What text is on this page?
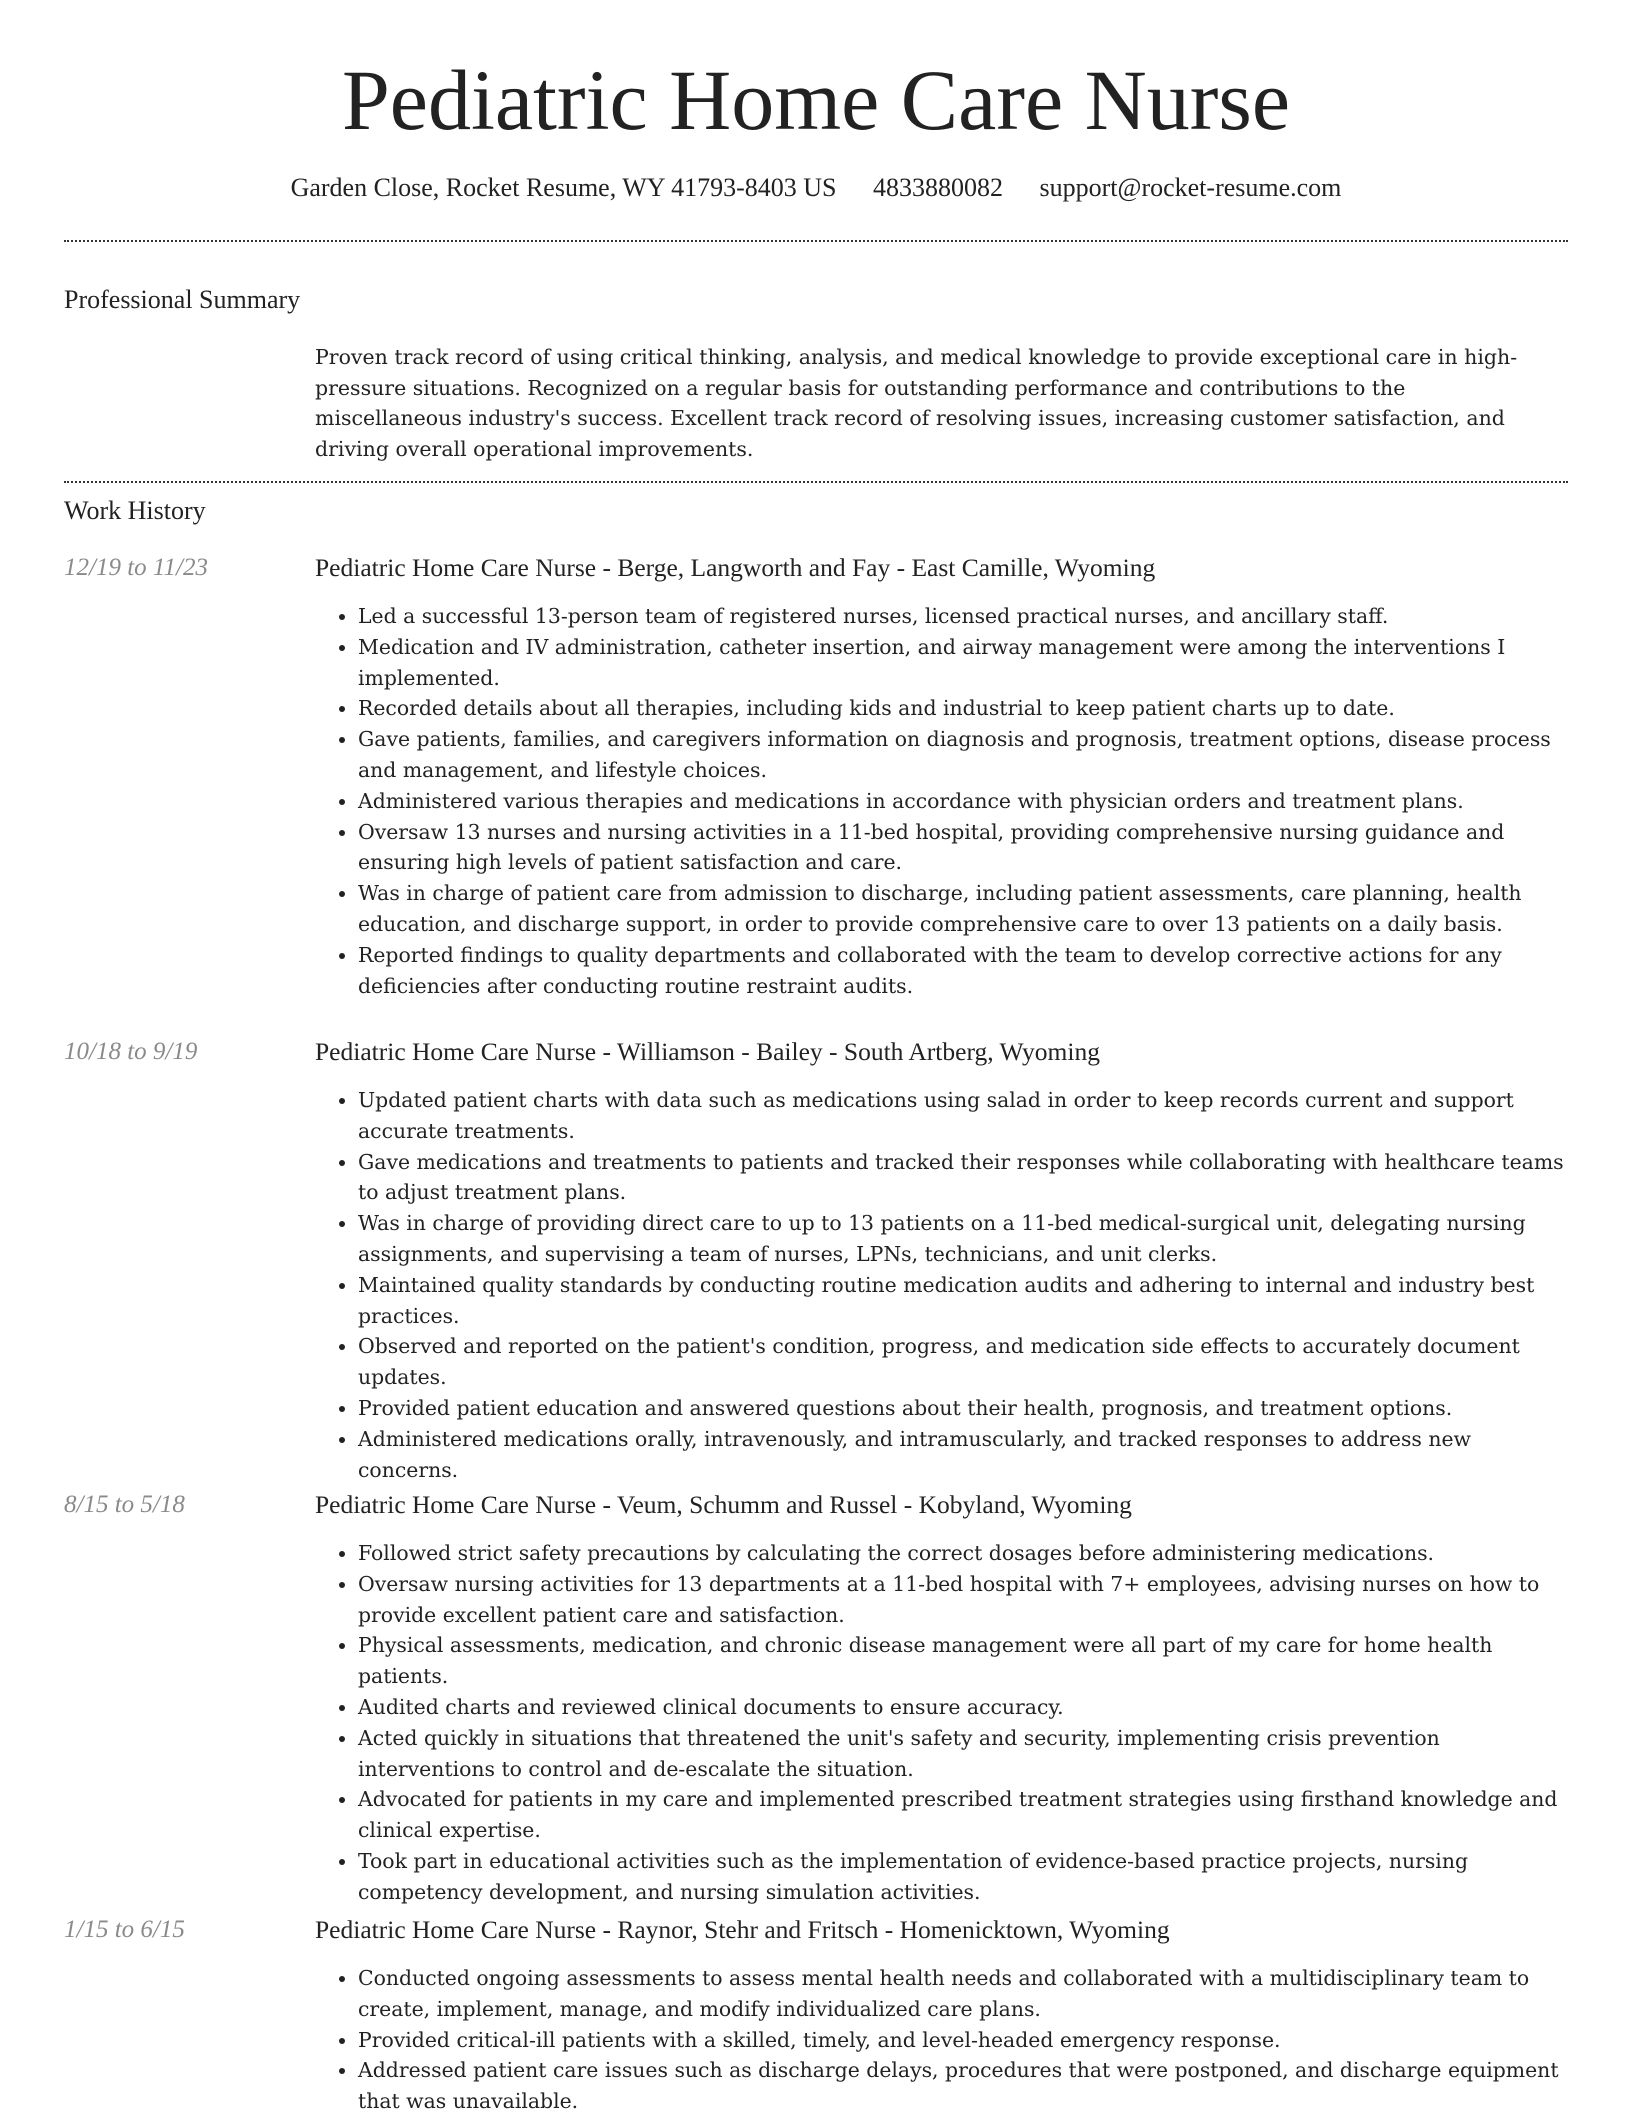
Pediatric Home Care Nurse
Garden Close, Rocket Resume, WY 41793-8403 US 4833880082 support@rocket-resume.com
Professional Summary

Proven track record of using critical thinking, analysis, and medical knowledge to provide exceptional care in high-pressure situations. Recognized on a regular basis for outstanding performance and contributions to the miscellaneous industry's success. Excellent track record of resolving issues, increasing customer satisfaction, and driving overall operational improvements.

Work History
12/19 to 11/23	Pediatric Home Care Nurse - Berge, Langworth and Fay - East Camille, Wyoming
• Led a successful 13-person team of registered nurses, licensed practical nurses, and ancillary staff.
• Medication and IV administration, catheter insertion, and airway management were among the interventions I implemented.
• Recorded details about all therapies, including kids and industrial to keep patient charts up to date.
• Gave patients, families, and caregivers information on diagnosis and prognosis, treatment options, disease process and management, and lifestyle choices.
• Administered various therapies and medications in accordance with physician orders and treatment plans.
• Oversaw 13 nurses and nursing activities in a 11-bed hospital, providing comprehensive nursing guidance and ensuring high levels of patient satisfaction and care.
• Was in charge of patient care from admission to discharge, including patient assessments, care planning, health education, and discharge support, in order to provide comprehensive care to over 13 patients on a daily basis.
• Reported findings to quality departments and collaborated with the team to develop corrective actions for any deficiencies after conducting routine restraint audits.
10/18 to 9/19	Pediatric Home Care Nurse - Williamson - Bailey - South Artberg, Wyoming
• Updated patient charts with data such as medications using salad in order to keep records current and support accurate treatments.
• Gave medications and treatments to patients and tracked their responses while collaborating with healthcare teams to adjust treatment plans.
• Was in charge of providing direct care to up to 13 patients on a 11-bed medical-surgical unit, delegating nursing assignments, and supervising a team of nurses, LPNs, technicians, and unit clerks.
• Maintained quality standards by conducting routine medication audits and adhering to internal and industry best practices.
• Observed and reported on the patient's condition, progress, and medication side effects to accurately document updates.
• Provided patient education and answered questions about their health, prognosis, and treatment options.
• Administered medications orally, intravenously, and intramuscularly, and tracked responses to address new concerns.
8/15 to 5/18	Pediatric Home Care Nurse - Veum, Schumm and Russel - Kobyland, Wyoming
• Followed strict safety precautions by calculating the correct dosages before administering medications.
• Oversaw nursing activities for 13 departments at a 11-bed hospital with 7+ employees, advising nurses on how to provide excellent patient care and satisfaction.
• Physical assessments, medication, and chronic disease management were all part of my care for home health patients.
• Audited charts and reviewed clinical documents to ensure accuracy.
• Acted quickly in situations that threatened the unit's safety and security, implementing crisis prevention interventions to control and de-escalate the situation.
• Advocated for patients in my care and implemented prescribed treatment strategies using firsthand knowledge and clinical expertise.
• Took part in educational activities such as the implementation of evidence-based practice projects, nursing competency development, and nursing simulation activities.
1/15 to 6/15	Pediatric Home Care Nurse - Raynor, Stehr and Fritsch - Homenicktown, Wyoming
• Conducted ongoing assessments to assess mental health needs and collaborated with a multidisciplinary team to create, implement, manage, and modify individualized care plans.
• Provided critical-ill patients with a skilled, timely, and level-headed emergency response.
• Addressed patient care issues such as discharge delays, procedures that were postponed, and discharge equipment that was unavailable.
